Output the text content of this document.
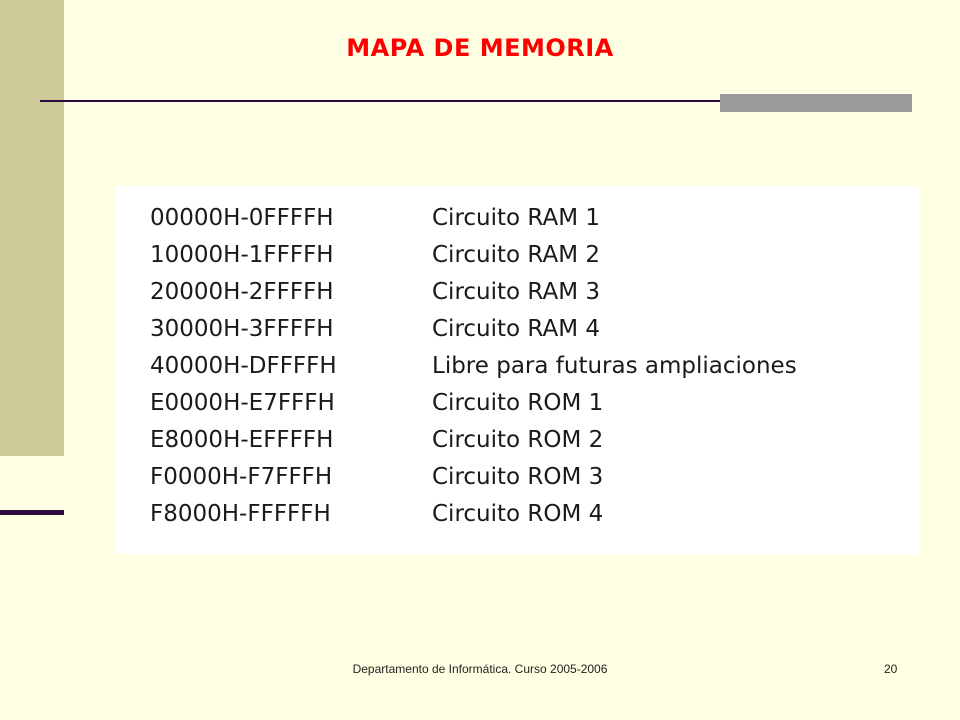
MAPA DE MEMORIA
00000H-0FFFFH	Circuito RAM 1
10000H-1FFFFH	Circuito RAM 2
20000H-2FFFFH	Circuito RAM 3
30000H-3FFFFH	Circuito RAM 4
40000H-DFFFFH	Libre para futuras ampliaciones
E0000H-E7FFFH	Circuito ROM 1
E8000H-EFFFFH	Circuito ROM 2
F0000H-F7FFFH	Circuito ROM 3
F8000H-FFFFFH	Circuito ROM 4
Departamento de Informática. Curso 2005-2006	20
